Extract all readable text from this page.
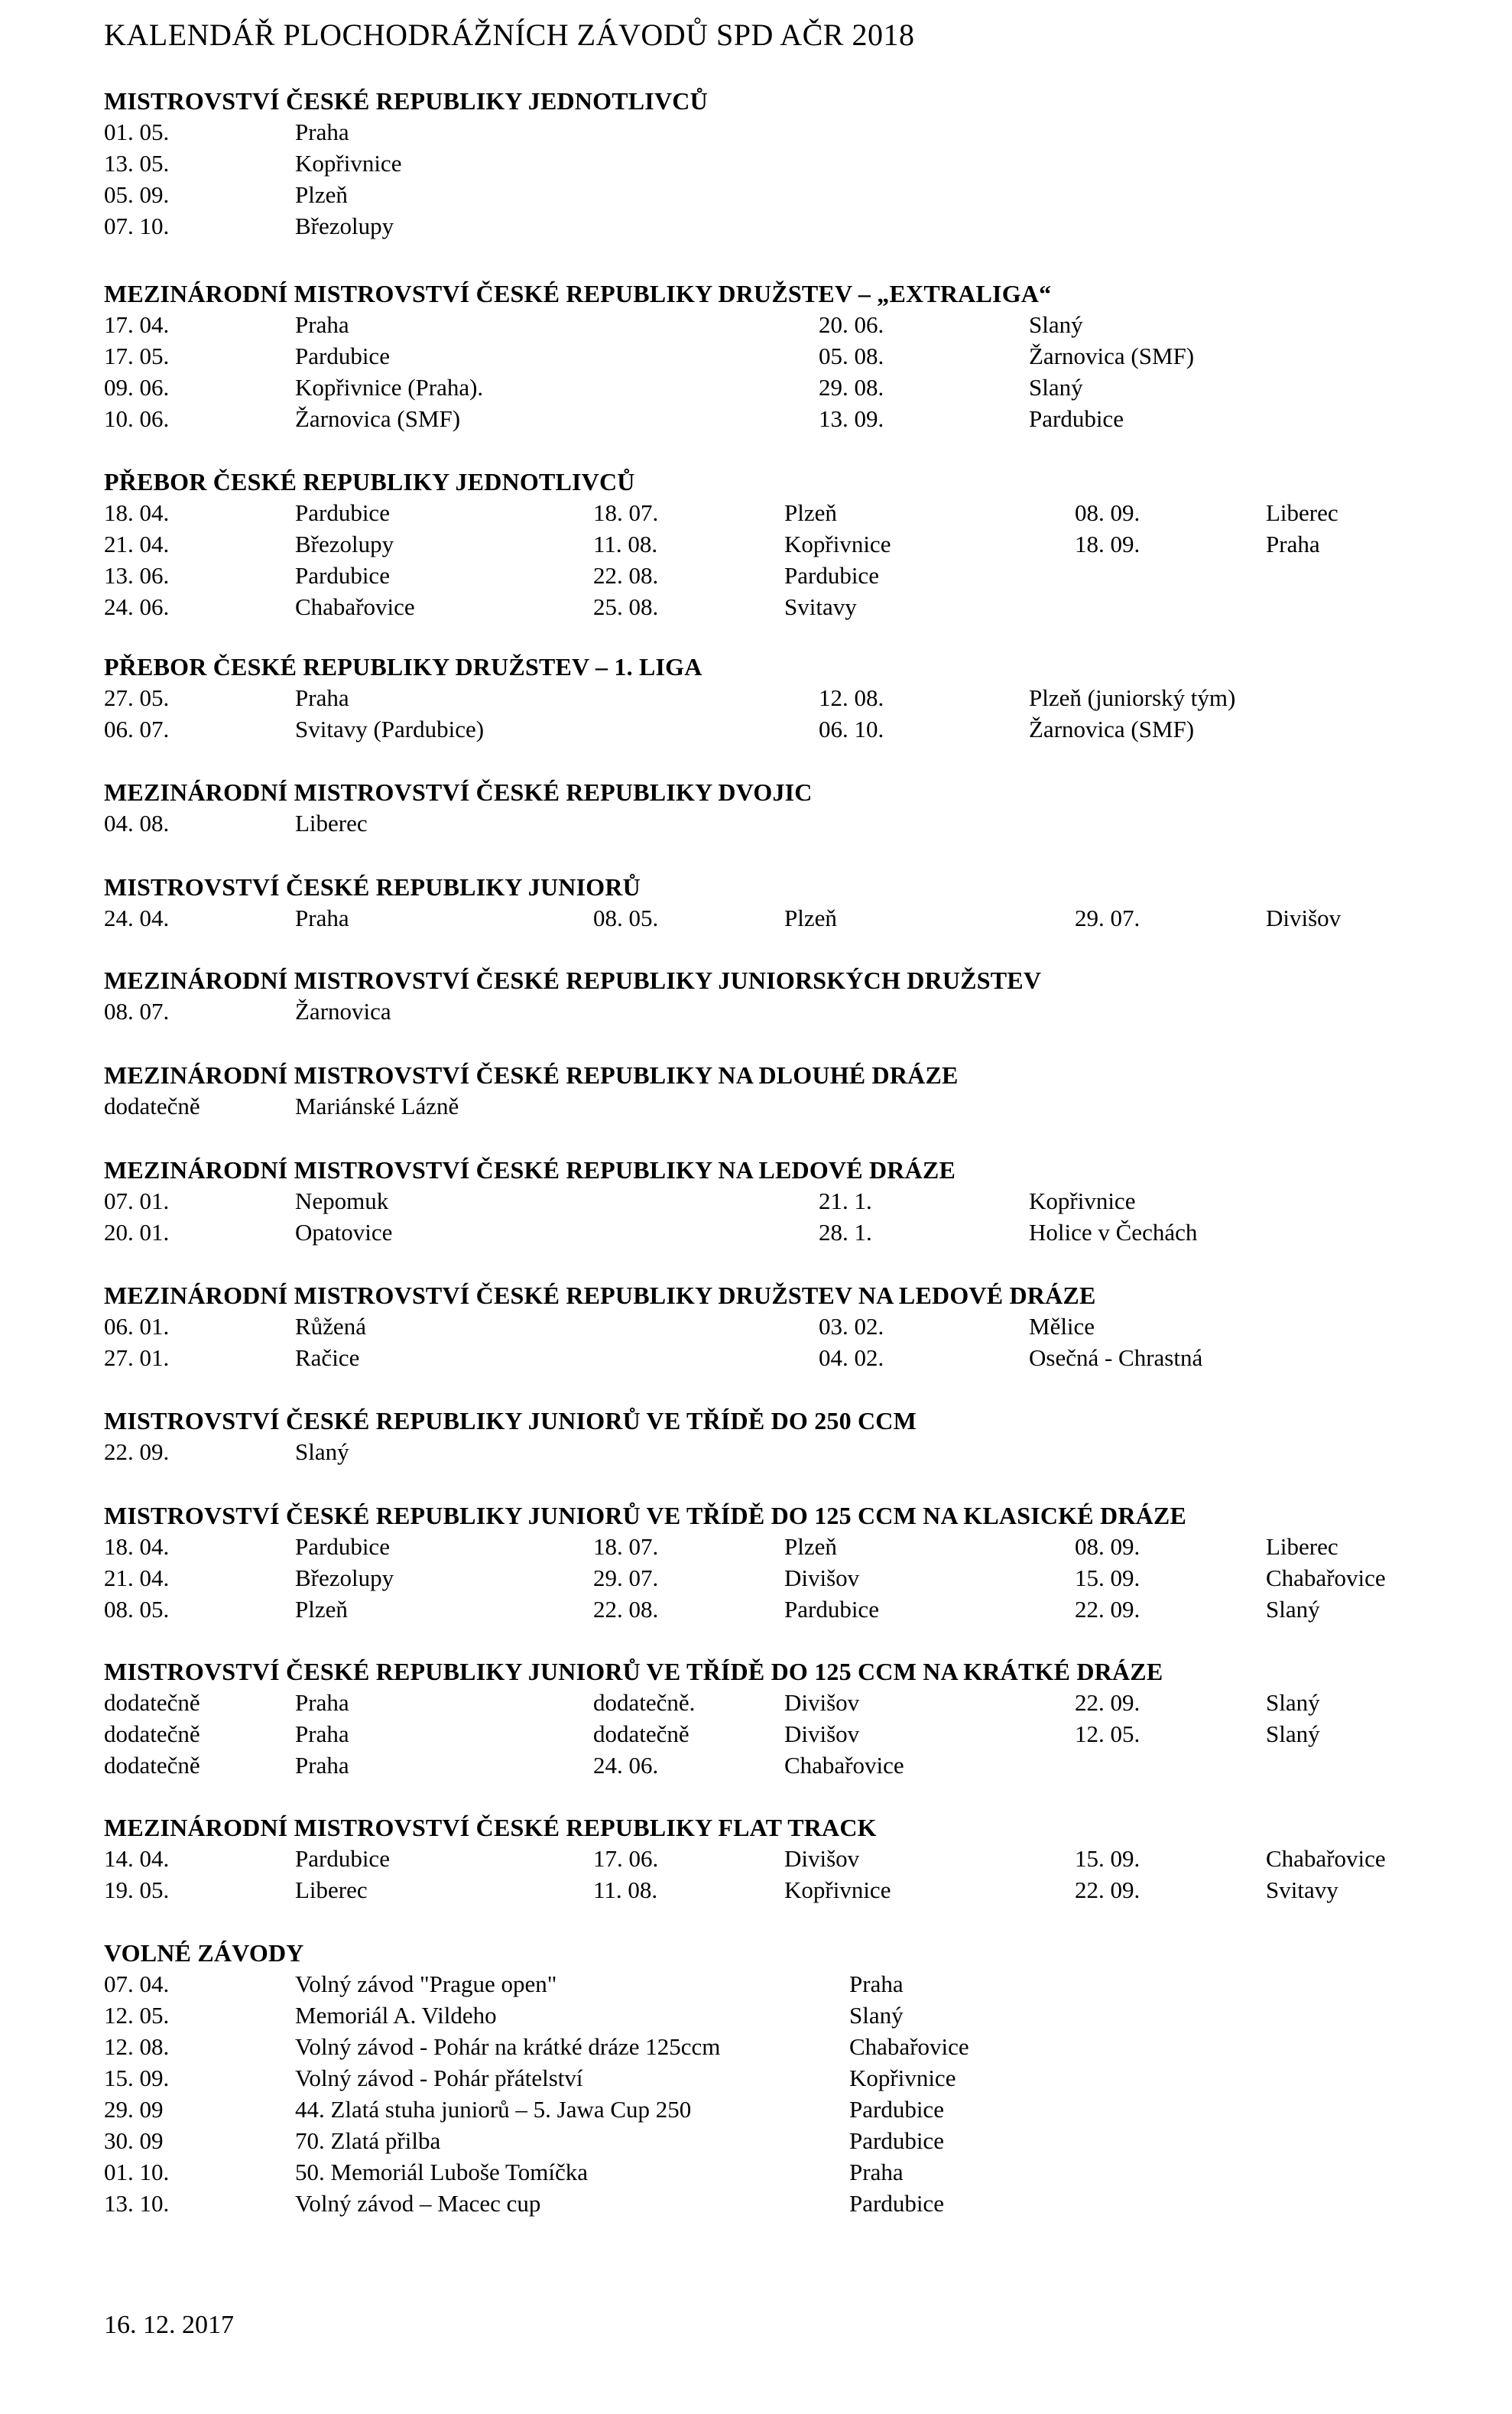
KALENDÁŘ PLOCHODRÁŽNÍCH ZÁVODŮ SPD AČR 2018
MISTROVSTVÍ ČESKÉ REPUBLIKY JEDNOTLIVCŮ
01. 05.	Praha
13. 05.	Kopřivnice
05. 09.	Plzeň
07. 10.	Březolupy
MEZINÁRODNÍ MISTROVSTVÍ ČESKÉ REPUBLIKY DRUŽSTEV – „EXTRALIGA“
17. 04.	Praha	20. 06.	Slaný
17. 05.	Pardubice	05. 08.	Žarnovica (SMF)
09. 06.	Kopřivnice (Praha).	29. 08.	Slaný
10. 06.	Žarnovica (SMF)	13. 09.	Pardubice
PŘEBOR ČESKÉ REPUBLIKY JEDNOTLIVCŮ
18. 04.	Pardubice	18. 07.	Plzeň	08. 09.	Liberec
21. 04.	Březolupy	11. 08.	Kopřivnice	18. 09.	Praha
13. 06.	Pardubice	22. 08.	Pardubice
24. 06.	Chabařovice	25. 08.	Svitavy
PŘEBOR ČESKÉ REPUBLIKY DRUŽSTEV – 1. LIGA
27. 05.	Praha	12. 08.	Plzeň (juniorský tým)
06. 07.	Svitavy (Pardubice)	06. 10.	Žarnovica (SMF)
MEZINÁRODNÍ MISTROVSTVÍ ČESKÉ REPUBLIKY DVOJIC
04. 08.	Liberec
MISTROVSTVÍ ČESKÉ REPUBLIKY JUNIORŮ
24. 04.	Praha	08. 05.	Plzeň	29. 07.	Divišov
MEZINÁRODNÍ MISTROVSTVÍ ČESKÉ REPUBLIKY JUNIORSKÝCH DRUŽSTEV
08. 07.	Žarnovica
MEZINÁRODNÍ MISTROVSTVÍ ČESKÉ REPUBLIKY NA DLOUHÉ DRÁZE
dodatečně	Mariánské Lázně
MEZINÁRODNÍ MISTROVSTVÍ ČESKÉ REPUBLIKY NA LEDOVÉ DRÁZE
07. 01.	Nepomuk	21. 1.	Kopřivnice
20. 01.	Opatovice	28. 1.	Holice v Čechách
MEZINÁRODNÍ MISTROVSTVÍ ČESKÉ REPUBLIKY DRUŽSTEV NA LEDOVÉ DRÁZE
06. 01.	Růžená	03. 02.	Mělice
27. 01.	Račice	04. 02.	Osečná - Chrastná
MISTROVSTVÍ ČESKÉ REPUBLIKY JUNIORŮ VE TŘÍDĚ DO 250 CCM
22. 09.	Slaný
MISTROVSTVÍ ČESKÉ REPUBLIKY JUNIORŮ VE TŘÍDĚ DO 125 CCM NA KLASICKÉ DRÁZE
18. 04.	Pardubice	18. 07.	Plzeň	08. 09.	Liberec
21. 04.	Březolupy	29. 07.	Divišov	15. 09.	Chabařovice
08. 05.	Plzeň	22. 08.	Pardubice	22. 09.	Slaný
MISTROVSTVÍ ČESKÉ REPUBLIKY JUNIORŮ VE TŘÍDĚ DO 125 CCM NA KRÁTKÉ DRÁZE
dodatečně	Praha	dodatečně.	Divišov	22. 09.	Slaný
dodatečně	Praha	dodatečně	Divišov	12. 05.	Slaný
dodatečně	Praha	24. 06.	Chabařovice
MEZINÁRODNÍ MISTROVSTVÍ ČESKÉ REPUBLIKY FLAT TRACK
14. 04.	Pardubice	17. 06.	Divišov	15. 09.	Chabařovice
19. 05.	Liberec	11. 08.	Kopřivnice	22. 09.	Svitavy
VOLNÉ ZÁVODY
07. 04.	Volný závod "Prague open"	Praha
12. 05.	Memoriál A. Vildeho	Slaný
12. 08.	Volný závod - Pohár na krátké dráze 125ccm	Chabařovice
15. 09.	Volný závod - Pohár přátelství	Kopřivnice
29. 09	44. Zlatá stuha juniorů – 5. Jawa Cup 250	Pardubice
30. 09	70. Zlatá přilba	Pardubice
01. 10.	50. Memoriál Luboše Tomíčka	Praha
13. 10.	Volný závod – Macec cup	Pardubice
16. 12. 2017
